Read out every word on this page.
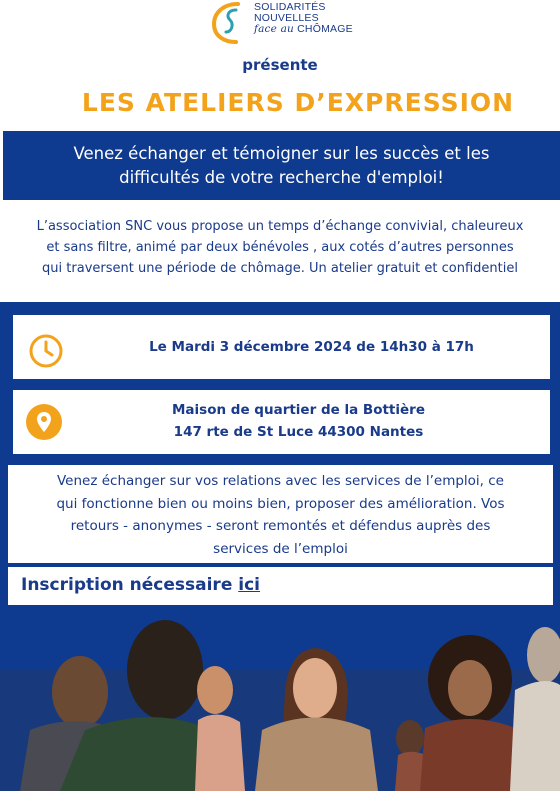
SOLIDARITÉS
NOUVELLES
face au CHÔMAGE
présente
LES ATELIERS D’EXPRESSION
Venez échanger et témoigner sur les succès et les
difficultés de votre recherche d'emploi!
L’association SNC vous propose un temps d’échange convivial, chaleureux
et sans filtre, animé par deux bénévoles , aux cotés d’autres personnes
qui traversent une période de chômage. Un atelier gratuit et confidentiel
Le Mardi 3 décembre 2024 de 14h30 à 17h
Maison de quartier de la Bottière
147 rte de St Luce 44300 Nantes
Venez échanger sur vos relations avec les services de l’emploi, ce
qui fonctionne bien ou moins bien, proposer des amélioration. Vos
retours - anonymes - seront remontés et défendus auprès des
services de l’emploi
Inscription nécessaire ici
